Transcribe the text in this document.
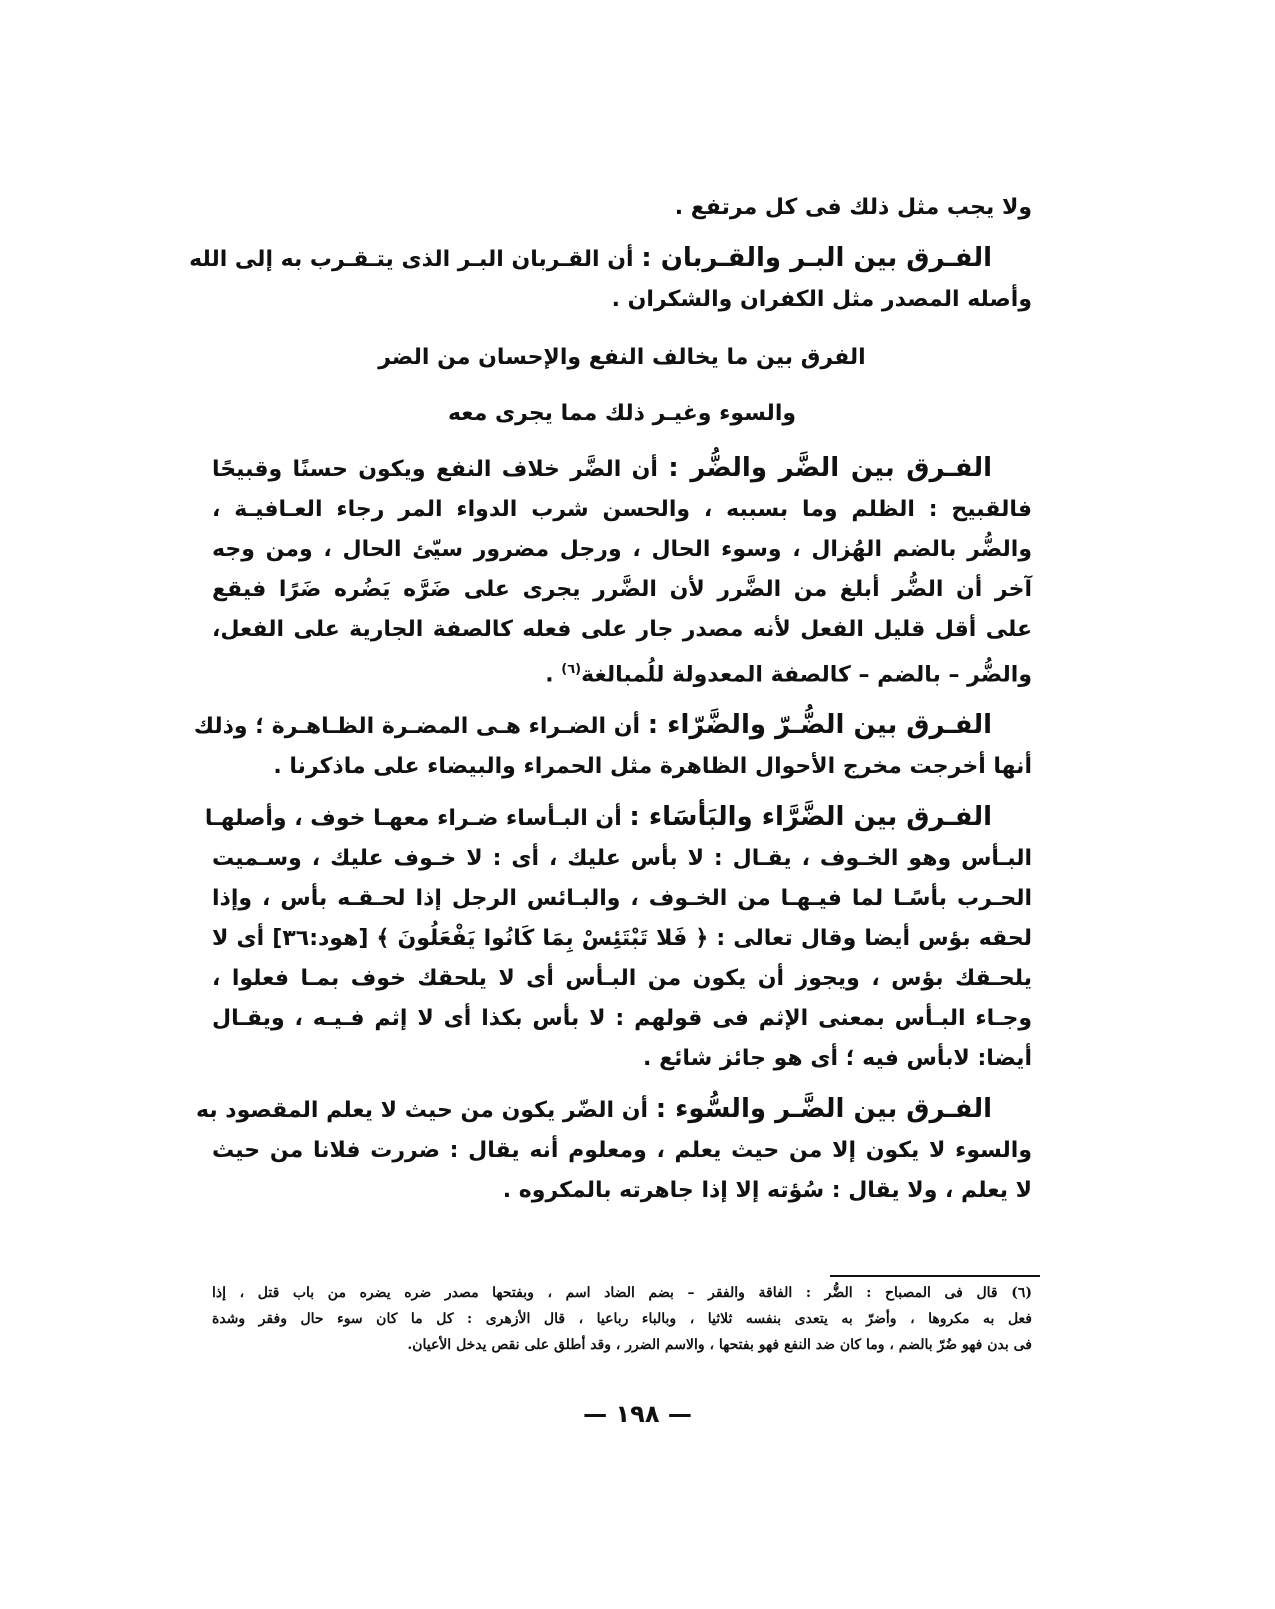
ولا يجب مثل ذلك فى كل مرتفع .
الفـرق بين البـر والقـربان : أن القـربان البـر الذى يتـقـرب به إلى الله
وأصله المصدر مثل الكفران والشكران .
الفرق بين ما يخالف النفع والإحسان من الضر
والسوء وغيـر ذلك مما يجرى معه
الفـرق بين الضَّر والضُّر : أن الضَّر خلاف النفع ويكون حسنًا وقبيحًا
فالقبيح : الظلم وما بسببه ، والحسن شرب الدواء المر رجاء العـافيـة ،
والضُّر بالضم الهُزال ، وسوء الحال ، ورجل مضرور سيّئ الحال ، ومن وجه
آخر أن الضُّر أبلغ من الضَّرر لأن الضَّرر يجرى على ضَرَّه يَضُره ضَرًا فيقع
على أقل قليل الفعل لأنه مصدر جار على فعله كالصفة الجارية على الفعل،
والضُّر – بالضم – كالصفة المعدولة للُمبالغة$^{(٦)}$ .
الفـرق بين الضُّـرّ والضَّرّاء : أن الضـراء هـى المضـرة الظـاهـرة ؛ وذلك
أنها أخرجت مخرج الأحوال الظاهرة مثل الحمراء والبيضاء على ماذكرنا .
الفـرق بين الضَّرَّاء والبَأسَاء : أن البـأساء ضـراء معهـا خوف ، وأصلهـا
البـأس وهو الخـوف ، يقـال : لا بأس عليك ، أى : لا خـوف عليك ، وسـميت
الحـرب بأسًـا لما فيـهـا من الخـوف ، والبـائس الرجل إذا لحـقـه بأس ، وإذا
لحقه بؤس أيضا وقال تعالى : ﴿ فَلا تَبْتَئِسْ بِمَا كَانُوا يَفْعَلُونَ ﴾ [هود:٣٦] أى لا
يلحـقك بؤس ، ويجوز أن يكون من البـأس أى لا يلحقك خوف بمـا فعلوا ،
وجـاء البـأس بمعنى الإثم فى قولهم : لا بأس بكذا أى لا إثم فـيـه ، ويقـال
أيضا: لابأس فيه ؛ أى هو جائز شائع .
الفـرق بين الضَّـر والسُّوء : أن الضّر يكون من حيث لا يعلم المقصود به
والسوء لا يكون إلا من حيث يعلم ، ومعلوم أنه يقال : ضررت فلانا من حيث
لا يعلم ، ولا يقال : سُؤته إلا إذا جاهرته بالمكروه .
(٦) قال فى المصباح : الضُّر : الفاقة والفقر – بضم الضاد اسم ، وبفتحها مصدر ضره يضره من باب قتل ، إذا
فعل به مكروها ، وأضرّ به يتعدى بنفسه ثلاثيا ، وبالباء رباعيا ، قال الأزهرى : كل ما كان سوء حال وفقر وشدة
فى بدن فهو ضُرّ بالضم ، وما كان ضد النفع فهو بفتحها ، والاسم الضرر ، وقد أطلق على نقص يدخل الأعيان.
— ١٩٨ —
